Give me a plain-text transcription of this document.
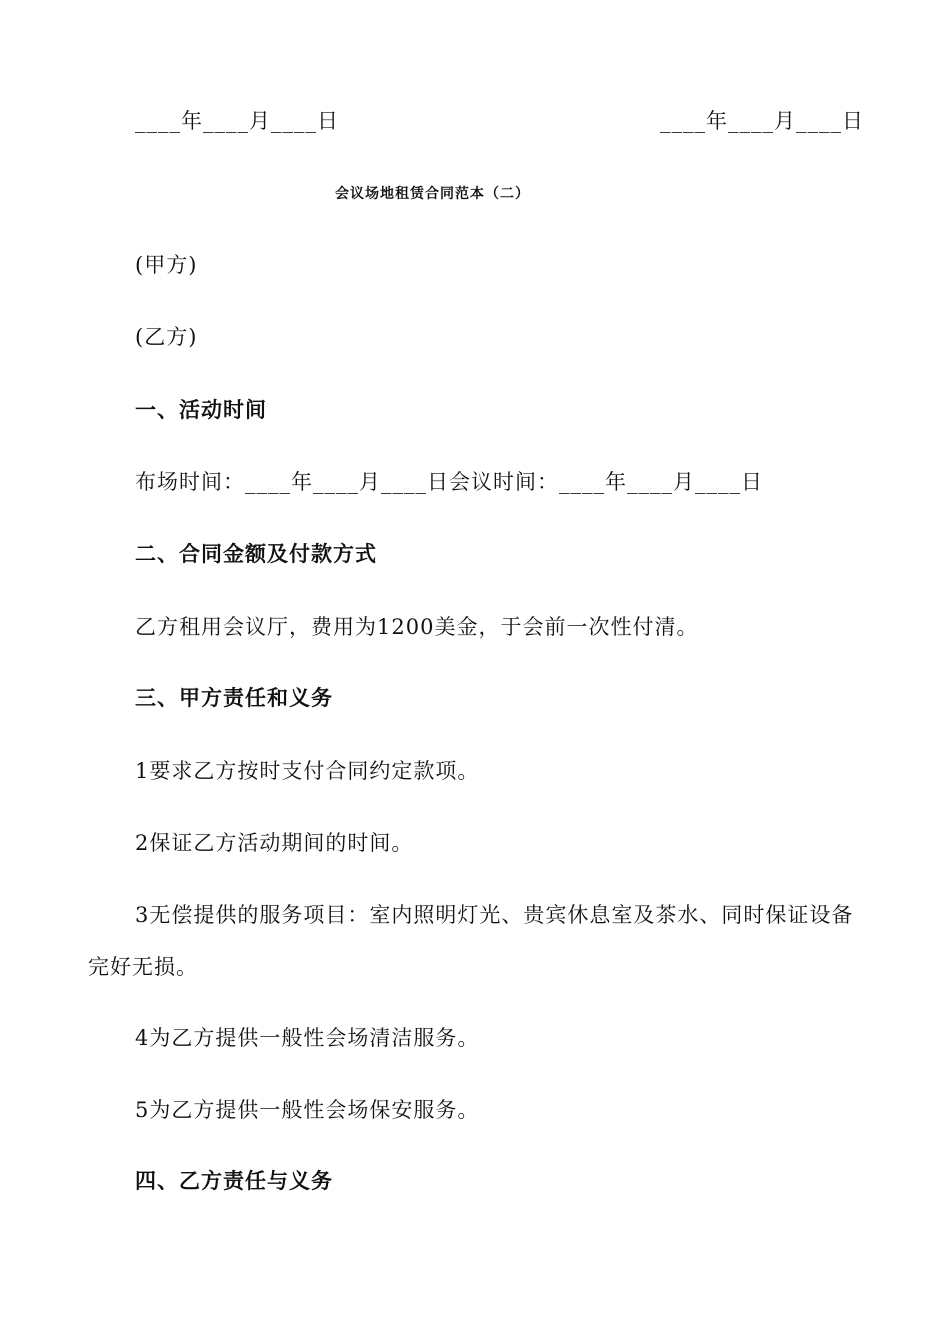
____年____月____日	____年____月____日
会议场地租赁合同范本（二）
(甲方)
(乙方)
一、活动时间
布场时间：____年____月____日会议时间：____年____月____日
二、合同金额及付款方式
乙方租用会议厅，费用为1200美金，于会前一次性付清。
三、甲方责任和义务
1要求乙方按时支付合同约定款项。
2保证乙方活动期间的时间。
3无偿提供的服务项目：室内照明灯光、贵宾休息室及茶水、同时保证设备
完好无损。
4为乙方提供一般性会场清洁服务。
5为乙方提供一般性会场保安服务。
四、乙方责任与义务
